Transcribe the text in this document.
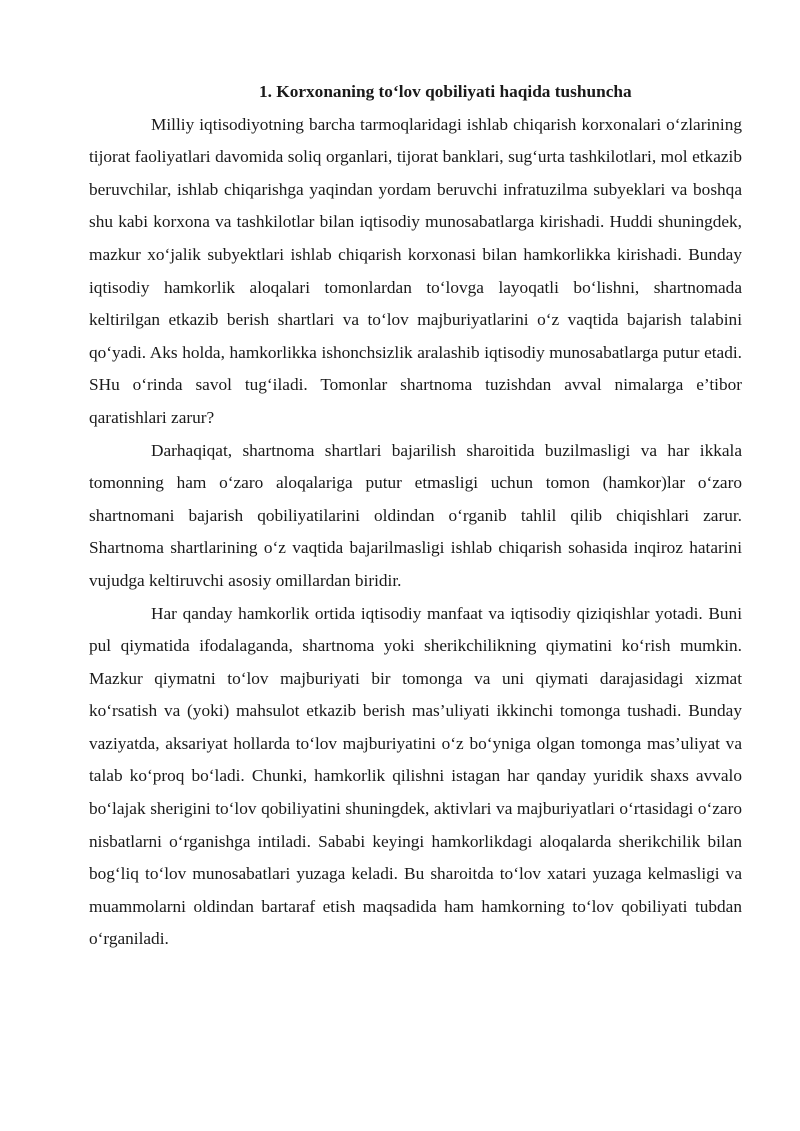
1. Korxonaning to‘lov qobiliyati haqida tushuncha

Milliy iqtisodiyotning barcha tarmoqlaridagi ishlab chiqarish korxonalari o‘zlarining tijorat faoliyatlari davomida soliq organlari, tijorat banklari, sug‘urta tashkilotlari, mol etkazib beruvchilar, ishlab chiqarishga yaqindan yordam beruvchi infratuzilma subyeklari va boshqa shu kabi korxona va tashkilotlar bilan iqtisodiy munosabatlarga kirishadi. Huddi shuningdek, mazkur xo‘jalik subyektlari ishlab chiqarish korxonasi bilan hamkorlikka kirishadi. Bunday iqtisodiy hamkorlik aloqalari tomonlardan to‘lovga layoqatli bo‘lishni, shartnomada keltirilgan etkazib berish shartlari va to‘lov majburiyatlarini o‘z vaqtida bajarish talabini qo‘yadi. Aks holda, hamkorlikka ishonchsizlik aralashib iqtisodiy munosabatlarga putur etadi. SHu o‘rinda savol tug‘iladi. Tomonlar shartnoma tuzishdan avval nimalarga e’tibor qaratishlari zarur?

Darhaqiqat, shartnoma shartlari bajarilish sharoitida buzilmasligi va har ikkala tomonning ham o‘zaro aloqalariga putur etmasligi uchun tomon (hamkor)lar o‘zaro shartnomani bajarish qobiliyatilarini oldindan o‘rganib tahlil qilib chiqishlari zarur. Shartnoma shartlarining o‘z vaqtida bajarilmasligi ishlab chiqarish sohasida inqiroz hatarini vujudga keltiruvchi asosiy omillardan biridir.

Har qanday hamkorlik ortida iqtisodiy manfaat va iqtisodiy qiziqishlar yotadi. Buni pul qiymatida ifodalaganda, shartnoma yoki sherikchilikning qiymatini ko‘rish mumkin. Mazkur qiymatni to‘lov majburiyati bir tomonga va uni qiymati darajasidagi xizmat ko‘rsatish va (yoki) mahsulot etkazib berish mas’uliyati ikkinchi tomonga tushadi. Bunday vaziyatda, aksariyat hollarda to‘lov majburiyatini o‘z bo‘yniga olgan tomonga mas’uliyat va talab ko‘proq bo‘ladi. Chunki, hamkorlik qilishni istagan har qanday yuridik shaxs avvalo bo‘lajak sherigini to‘lov qobiliyatini shuningdek, aktivlari va majburiyatlari o‘rtasidagi o‘zaro nisbatlarni o‘rganishga intiladi. Sababi keyingi hamkorlikdagi aloqalarda sherikchilik bilan bog‘liq to‘lov munosabatlari yuzaga keladi. Bu sharoitda to‘lov xatari yuzaga kelmasligi va muammolarni oldindan bartaraf etish maqsadida ham hamkorning to‘lov qobiliyati tubdan o‘rganiladi.
